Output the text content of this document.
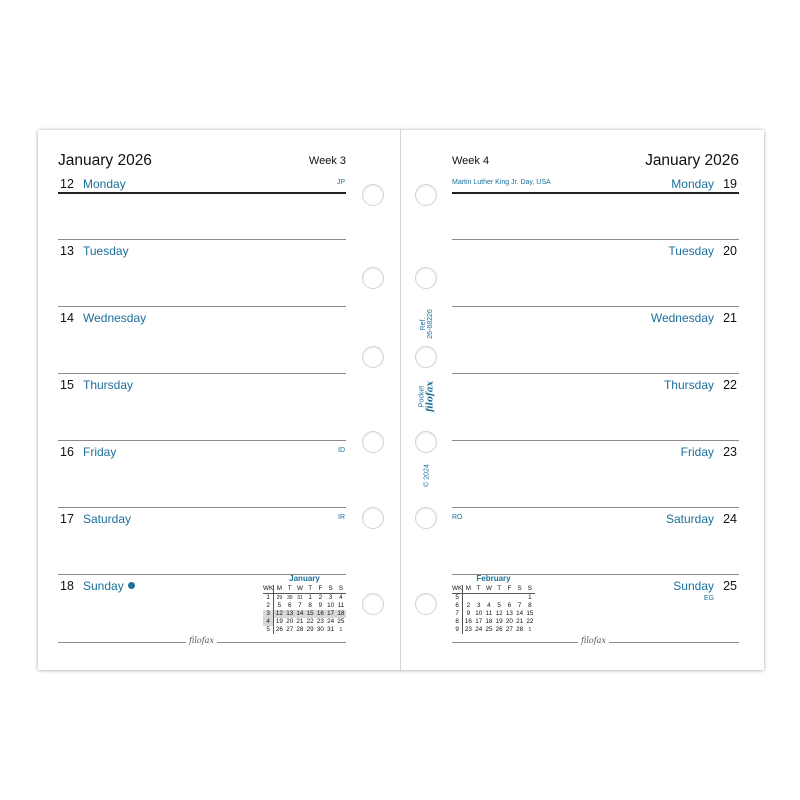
January 2026	Week 3
12 Monday	JP
13 Tuesday
14 Wednesday
15 Thursday
16 Friday	ID
17 Saturday	IR
18 Sunday
January
WK	M	T	W	T	F	S	S
1	29	30	31	1	2	3	4
2	5	6	7	8	9	10	11
3	12	13	14	15	16	17	18
4	19	20	21	22	23	24	25
5	26	27	28	29	30	31	1
filofax
Week 4	January 2026
Martin Luther King Jr. Day, USA	Monday 19
Tuesday 20
Wednesday 21
Thursday 22
Friday 23
RO	Saturday 24
Sunday 25
EG
February
WK	M	T	W	T	F	S	S
5							1
6	2	3	4	5	6	7	8
7	9	10	11	12	13	14	15
8	16	17	18	19	20	21	22
9	23	24	25	26	27	28	1
filofax
Ref.
26-68226
Pocket
filofax
© 2024
